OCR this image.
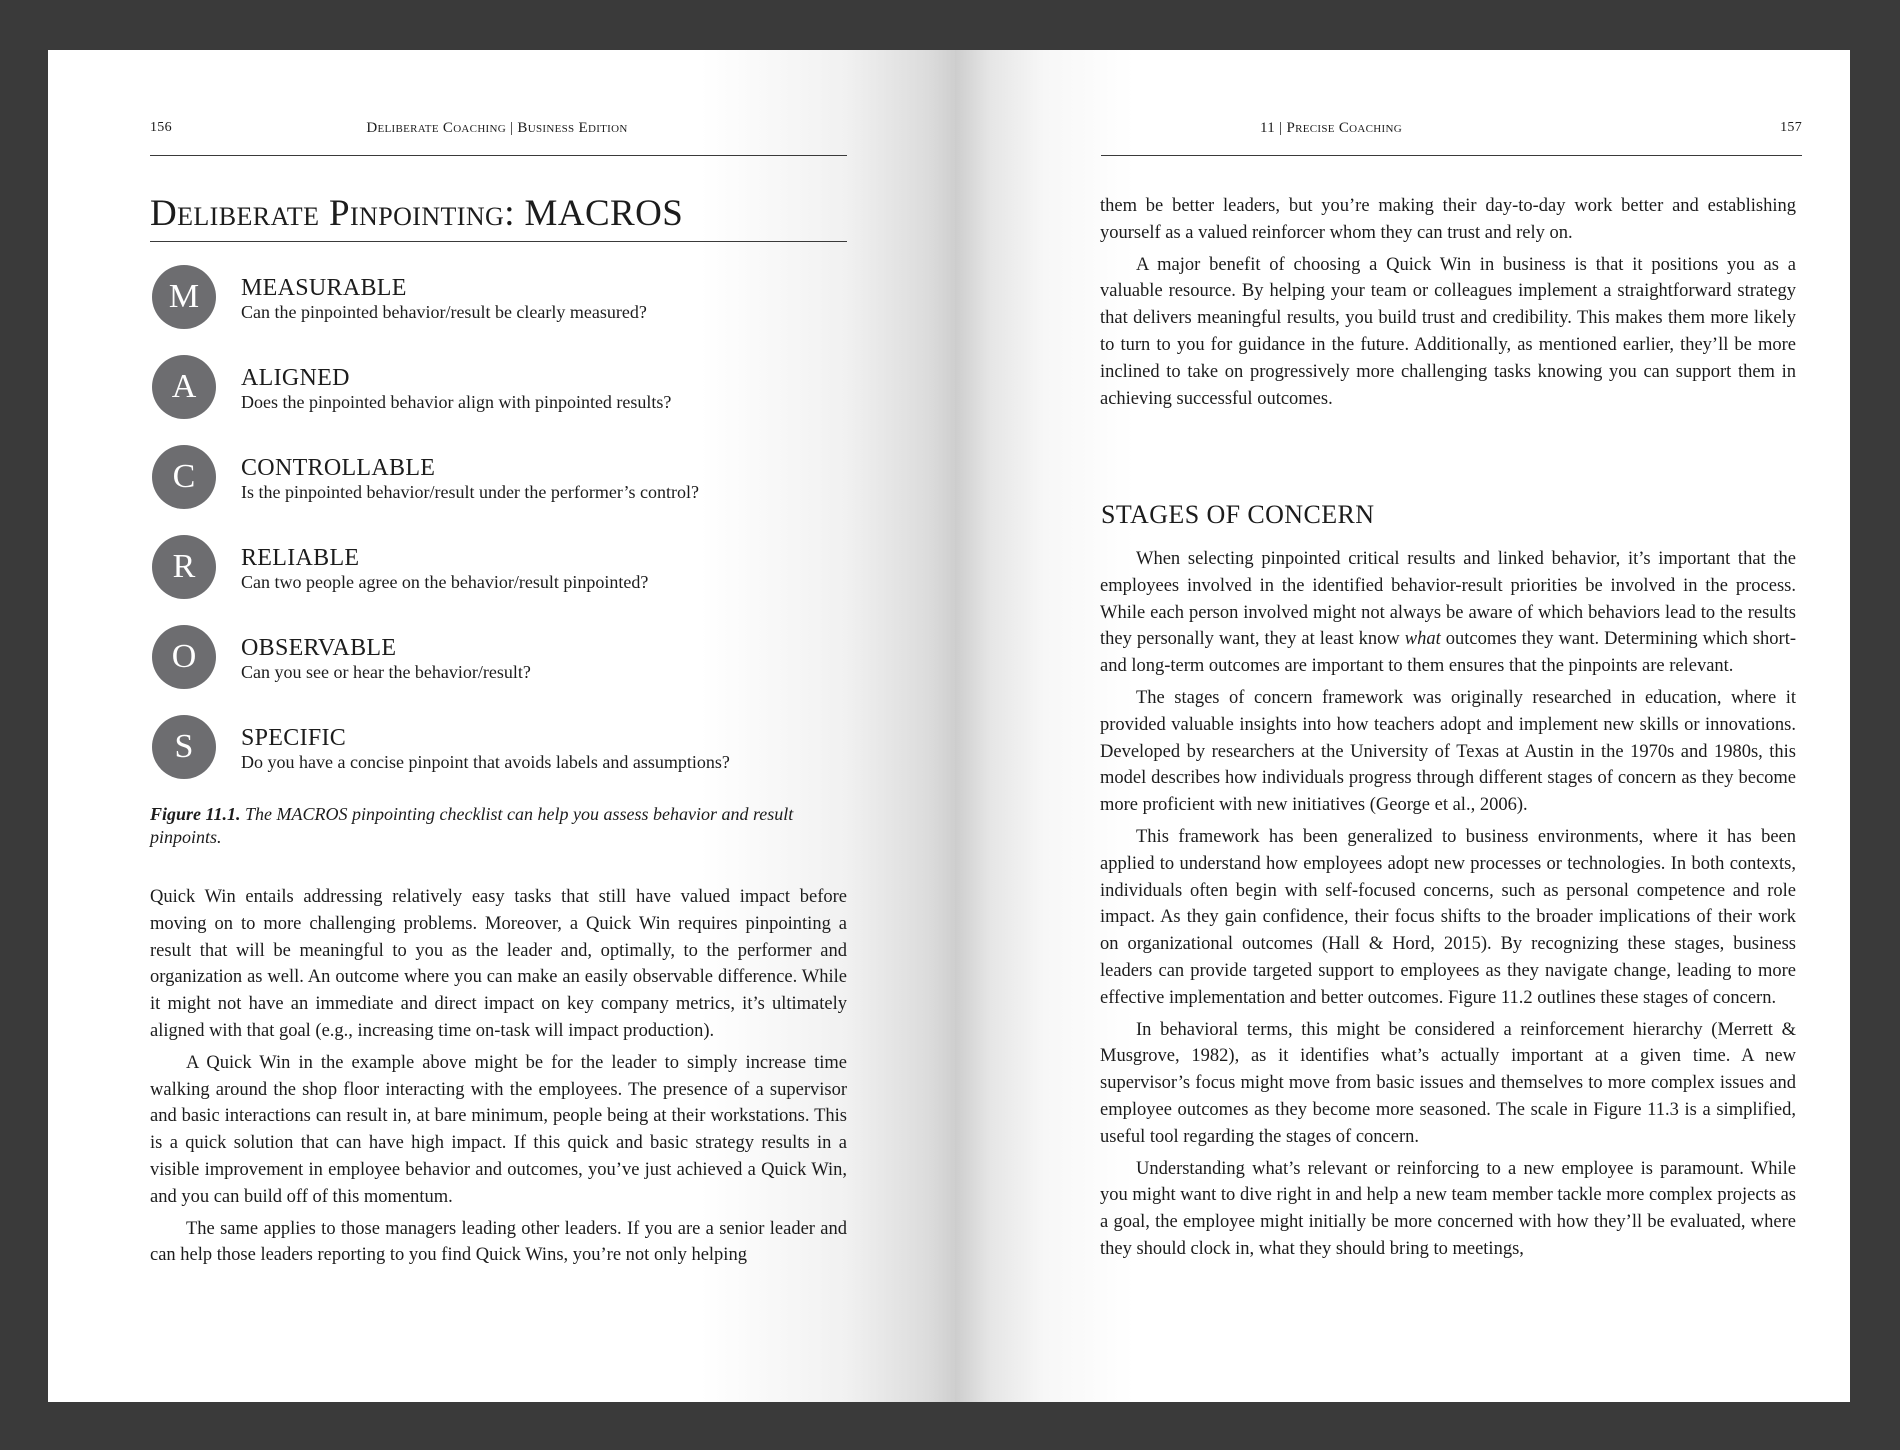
156	Deliberate Coaching | Business Edition
Deliberate Pinpointing: MACROS
M	MEASURABLE
Can the pinpointed behavior/result be clearly measured?
A	ALIGNED
Does the pinpointed behavior align with pinpointed results?
C	CONTROLLABLE
Is the pinpointed behavior/result under the performer’s control?
R	RELIABLE
Can two people agree on the behavior/result pinpointed?
O	OBSERVABLE
Can you see or hear the behavior/result?
S	SPECIFIC
Do you have a concise pinpoint that avoids labels and assumptions?

Figure 11.1. The MACROS pinpointing checklist can help you assess behavior and result pinpoints.

Quick Win entails addressing relatively easy tasks that still have valued impact before moving on to more challenging problems. Moreover, a Quick Win requires pinpointing a result that will be meaningful to you as the leader and, optimally, to the performer and organization as well. An outcome where you can make an easily observable difference. While it might not have an immediate and direct impact on key company metrics, it’s ultimately aligned with that goal (e.g., increasing time on-task will impact production).

A Quick Win in the example above might be for the leader to simply increase time walking around the shop floor interacting with the employees. The presence of a supervisor and basic interactions can result in, at bare minimum, people being at their workstations. This is a quick solution that can have high impact. If this quick and basic strategy results in a visible improvement in employee behavior and outcomes, you’ve just achieved a Quick Win, and you can build off of this momentum.

The same applies to those managers leading other leaders. If you are a senior leader and can help those leaders reporting to you find Quick Wins, you’re not only helping

11 | Precise Coaching	157

them be better leaders, but you’re making their day-to-day work better and establishing yourself as a valued reinforcer whom they can trust and rely on.

A major benefit of choosing a Quick Win in business is that it positions you as a valuable resource. By helping your team or colleagues implement a straightforward strategy that delivers meaningful results, you build trust and credibility. This makes them more likely to turn to you for guidance in the future. Additionally, as mentioned earlier, they’ll be more inclined to take on progressively more challenging tasks knowing you can support them in achieving successful outcomes.

STAGES OF CONCERN

When selecting pinpointed critical results and linked behavior, it’s important that the employees involved in the identified behavior-result priorities be involved in the process. While each person involved might not always be aware of which behaviors lead to the results they personally want, they at least know what outcomes they want. Determining which short- and long-term outcomes are important to them ensures that the pinpoints are relevant.

The stages of concern framework was originally researched in education, where it provided valuable insights into how teachers adopt and implement new skills or innovations. Developed by researchers at the University of Texas at Austin in the 1970s and 1980s, this model describes how individuals progress through different stages of concern as they become more proficient with new initiatives (George et al., 2006).

This framework has been generalized to business environments, where it has been applied to understand how employees adopt new processes or technologies. In both contexts, individuals often begin with self-focused concerns, such as personal competence and role impact. As they gain confidence, their focus shifts to the broader implications of their work on organizational outcomes (Hall & Hord, 2015). By recognizing these stages, business leaders can provide targeted support to employees as they navigate change, leading to more effective implementation and better outcomes. Figure 11.2 outlines these stages of concern.

In behavioral terms, this might be considered a reinforcement hierarchy (Merrett & Musgrove, 1982), as it identifies what’s actually important at a given time. A new supervisor’s focus might move from basic issues and themselves to more complex issues and employee outcomes as they become more seasoned. The scale in Figure 11.3 is a simplified, useful tool regarding the stages of concern.

Understanding what’s relevant or reinforcing to a new employee is paramount. While you might want to dive right in and help a new team member tackle more complex projects as a goal, the employee might initially be more concerned with how they’ll be evaluated, where they should clock in, what they should bring to meetings,
